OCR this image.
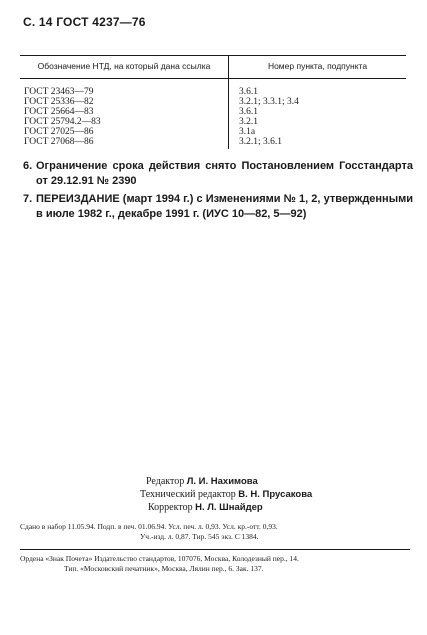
С. 14 ГОСТ 4237—76
Обозначение НТД, на который дана ссылка	Номер пункта, подпункта
ГОСТ 23463—79	3.6.1
ГОСТ 25336—82	3.2.1; 3.3.1; 3.4
ГОСТ 25664—83	3.6.1
ГОСТ 25794.2—83	3.2.1
ГОСТ 27025—86	3.1а
ГОСТ 27068—86	3.2.1; 3.6.1
6. Ограничение срока действия снято Постановлением Госстандарта от 29.12.91 № 2390
7. ПЕРЕИЗДАНИЕ (март 1994 г.) с Изменениями № 1, 2, утвержденными в июле 1982 г., декабре 1991 г. (ИУС 10—82, 5—92)
Редактор Л. И. Нахимова
Технический редактор В. Н. Прусакова
Корректор Н. Л. Шнайдер
Сдано в набор 11.05.94. Подп. в печ. 01.06.94. Усл. печ. л. 0,93. Усл. кр.-отт. 0,93.
Уч.-изд. л. 0,87. Тир. 545 экз. С 1384.
Ордена «Знак Почета» Издательство стандартов, 107076, Москва, Колодезный пер., 14.
Тип. «Московский печатник», Москва, Лялин пер., 6. Зак. 137.
